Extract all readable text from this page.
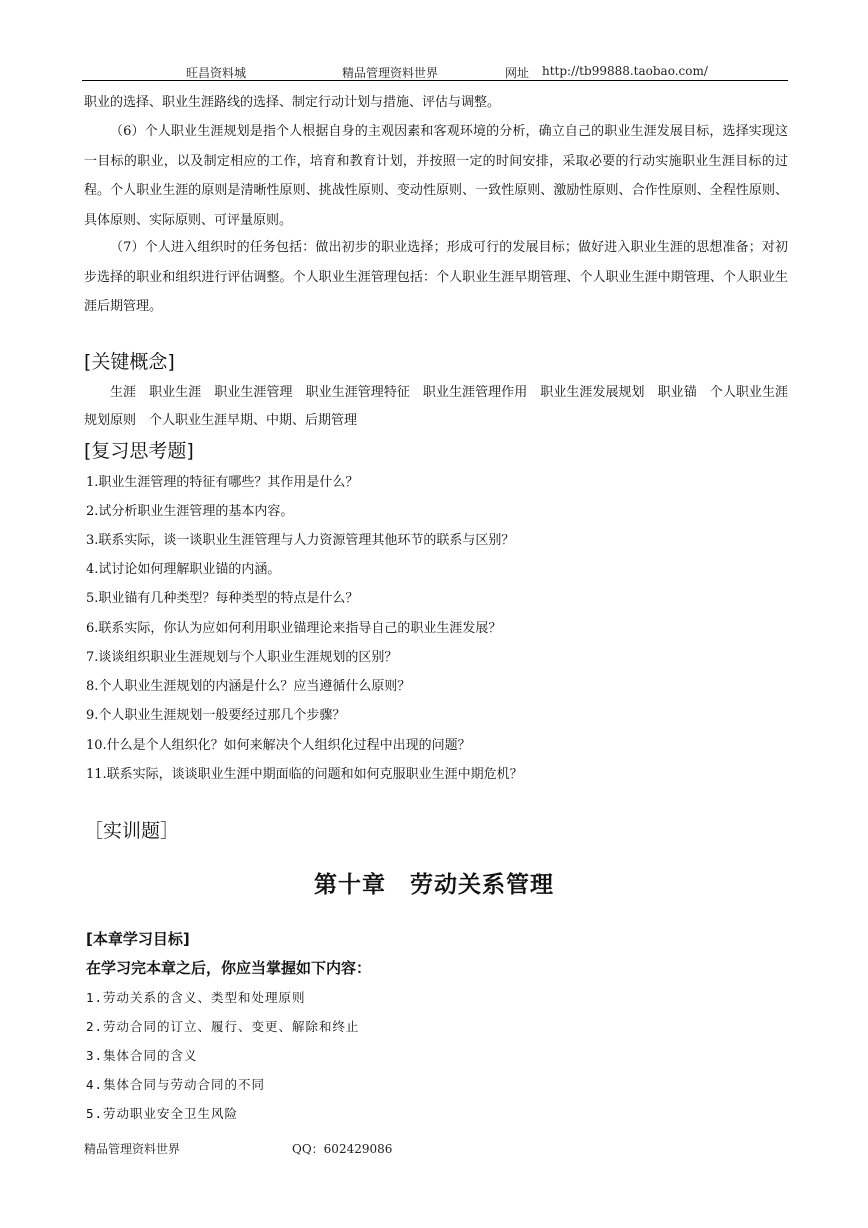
旺昌资料城	精品管理资料世界	网址 http://tb99888.taobao.com/
职业的选择、职业生涯路线的选择、制定行动计划与措施、评估与调整。
（6）个人职业生涯规划是指个人根据自身的主观因素和客观环境的分析，确立自己的职业生涯发展目标，选择实现这一目标的职业，以及制定相应的工作，培育和教育计划，并按照一定的时间安排，采取必要的行动实施职业生涯目标的过程。个人职业生涯的原则是清晰性原则、挑战性原则、变动性原则、一致性原则、激励性原则、合作性原则、全程性原则、具体原则、实际原则、可评量原则。
（7）个人进入组织时的任务包括：做出初步的职业选择；形成可行的发展目标；做好进入职业生涯的思想准备；对初步选择的职业和组织进行评估调整。个人职业生涯管理包括：个人职业生涯早期管理、个人职业生涯中期管理、个人职业生涯后期管理。
[关键概念]
生涯　职业生涯　职业生涯管理　职业生涯管理特征　职业生涯管理作用　职业生涯发展规划　职业锚　个人职业生涯规划原则　个人职业生涯早期、中期、后期管理
[复习思考题]
1.职业生涯管理的特征有哪些？其作用是什么？
2.试分析职业生涯管理的基本内容。
3.联系实际，谈一谈职业生涯管理与人力资源管理其他环节的联系与区别？
4.试讨论如何理解职业锚的内涵。
5.职业锚有几种类型？每种类型的特点是什么？
6.联系实际，你认为应如何利用职业锚理论来指导自己的职业生涯发展？
7.谈谈组织职业生涯规划与个人职业生涯规划的区别？
8.个人职业生涯规划的内涵是什么？应当遵循什么原则？
9.个人职业生涯规划一般要经过那几个步骤？
10.什么是个人组织化？如何来解决个人组织化过程中出现的问题？
11.联系实际，谈谈职业生涯中期面临的问题和如何克服职业生涯中期危机？
［实训题］
第十章　劳动关系管理
[本章学习目标]
在学习完本章之后，你应当掌握如下内容：
1.劳动关系的含义、类型和处理原则
2.劳动合同的订立、履行、变更、解除和终止
3.集体合同的含义
4.集体合同与劳动合同的不同
5.劳动职业安全卫生风险
精品管理资料世界	QQ：602429086
